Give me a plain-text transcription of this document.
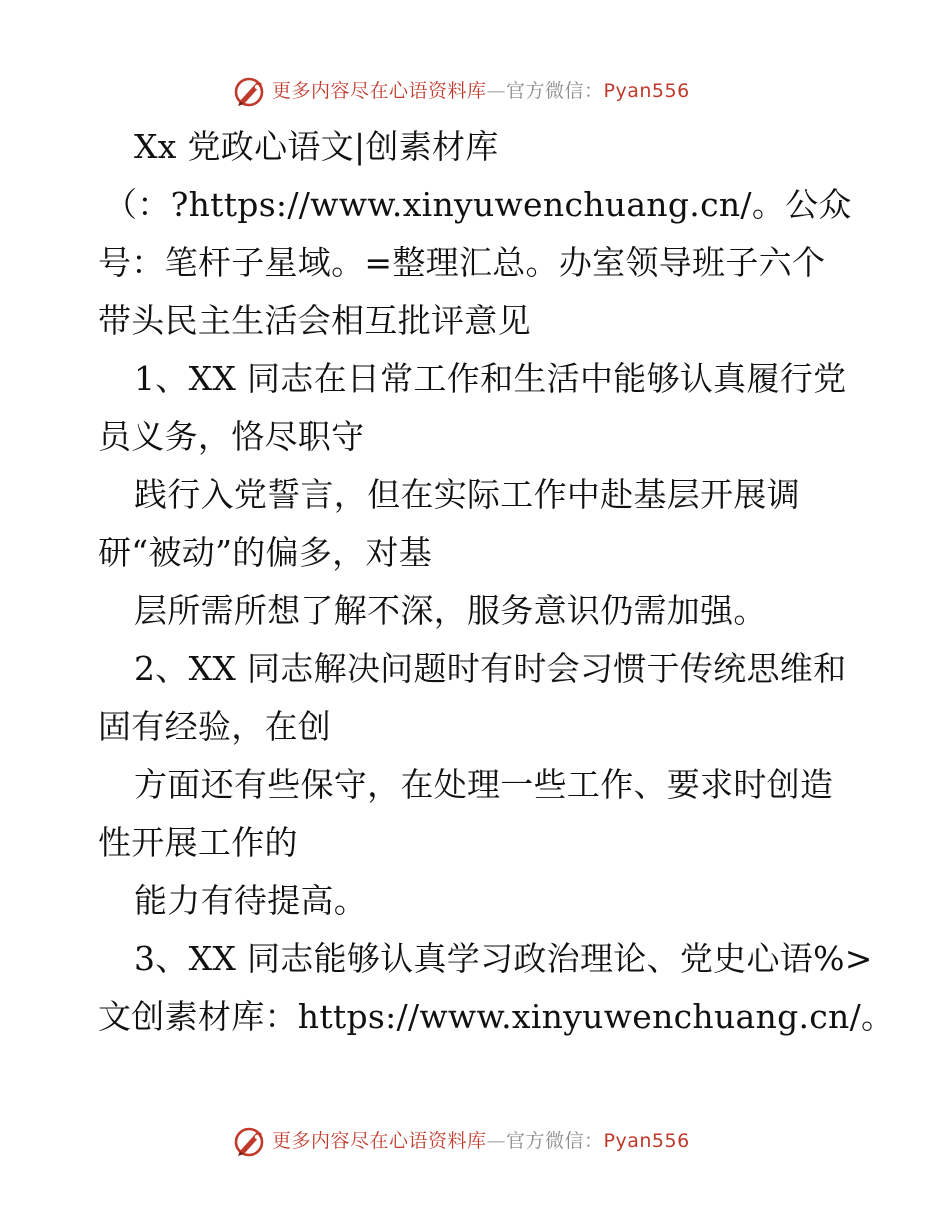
更多内容尽在心语资料库—官方微信：Pyan556
Xx 党政心语文|创素材库
（：?https://www.xinyuwenchuang.cn/。公众
号：笔杆子星域。=整理汇总。办室领导班子六个
带头民主生活会相互批评意见
1、XX 同志在日常工作和生活中能够认真履行党
员义务，恪尽职守
践行入党誓言，但在实际工作中赴基层开展调
研“被动”的偏多，对基
层所需所想了解不深，服务意识仍需加强。
2、XX 同志解决问题时有时会习惯于传统思维和
固有经验，在创
方面还有些保守，在处理一些工作、要求时创造
性开展工作的
能力有待提高。
3、XX 同志能够认真学习政治理论、党史心语%>
文创素材库：https://www.xinyuwenchuang.cn/。
更多内容尽在心语资料库—官方微信：Pyan556
